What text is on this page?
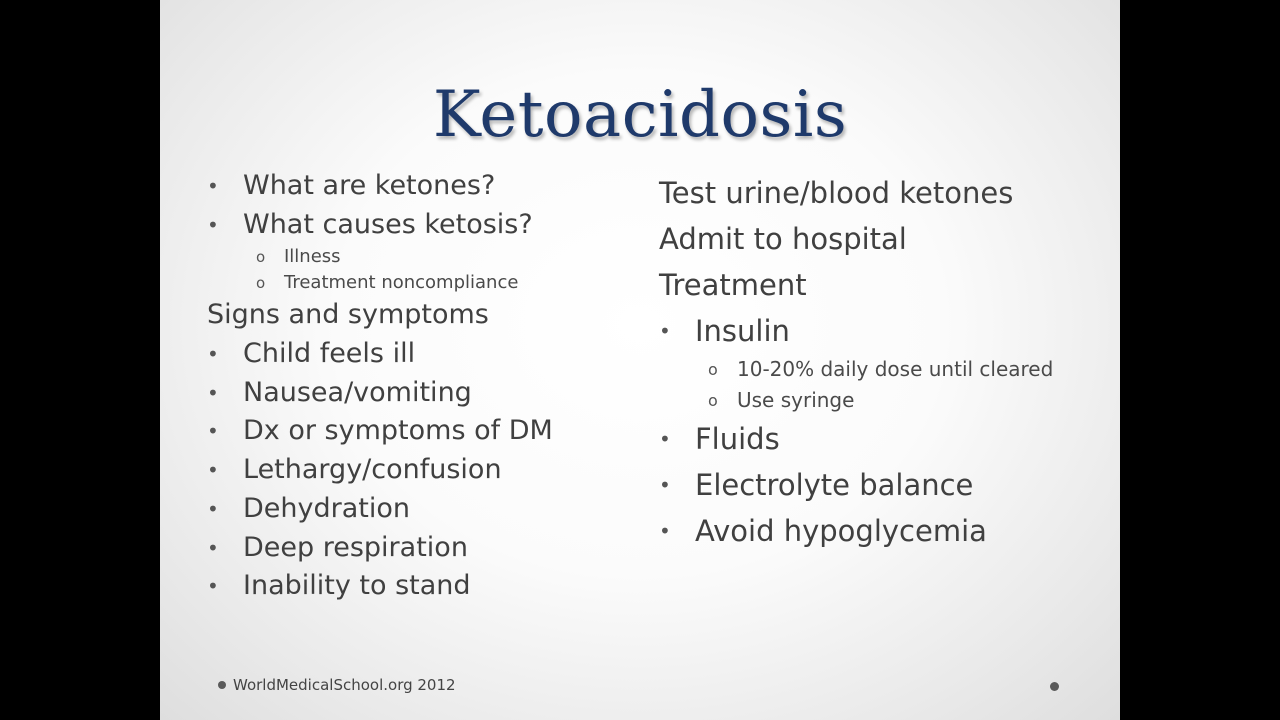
Ketoacidosis
• What are ketones?
• What causes ketosis?
o Illness
o Treatment noncompliance
Signs and symptoms
• Child feels ill
• Nausea/vomiting
• Dx or symptoms of DM
• Lethargy/confusion
• Dehydration
• Deep respiration
• Inability to stand
Test urine/blood ketones
Admit to hospital
Treatment
• Insulin
o 10-20% daily dose until cleared
o Use syringe
• Fluids
• Electrolyte balance
• Avoid hypoglycemia
WorldMedicalSchool.org 2012
